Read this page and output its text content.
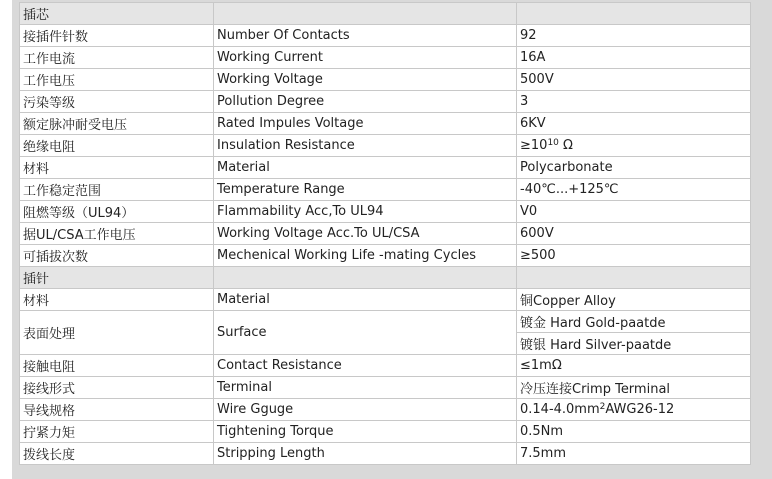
插芯		
接插件针数	Number Of Contacts	92
工作电流	Working Current	16A
工作电压	Working Voltage	500V
污染等级	Pollution Degree	3
额定脉冲耐受电压	Rated Impules Voltage	6KV
绝缘电阻	Insulation Resistance	$\ge 10^{10}$ Ω
材料	Material	Polycarbonate
工作稳定范围	Temperature Range	-40℃...+125℃
阻燃等级（UL94）	Flammability Acc,To UL94	V0
据UL/CSA工作电压	Working Voltage Acc.To UL/CSA	600V
可插拔次数	Mechenical Working Life -mating Cycles	≥500
插针		
材料	Material	铜Copper Alloy
表面处理	Surface	镀金 Hard Gold-paatde
		镀银 Hard Silver-paatde
接触电阻	Contact Resistance	≤1mΩ
接线形式	Terminal	冷压连接Crimp Terminal
导线规格	Wire Gguge	$0.14-4.0mm^2AWG26-12$
拧紧力矩	Tightening Torque	0.5Nm
拨线长度	Stripping Length	7.5mm
